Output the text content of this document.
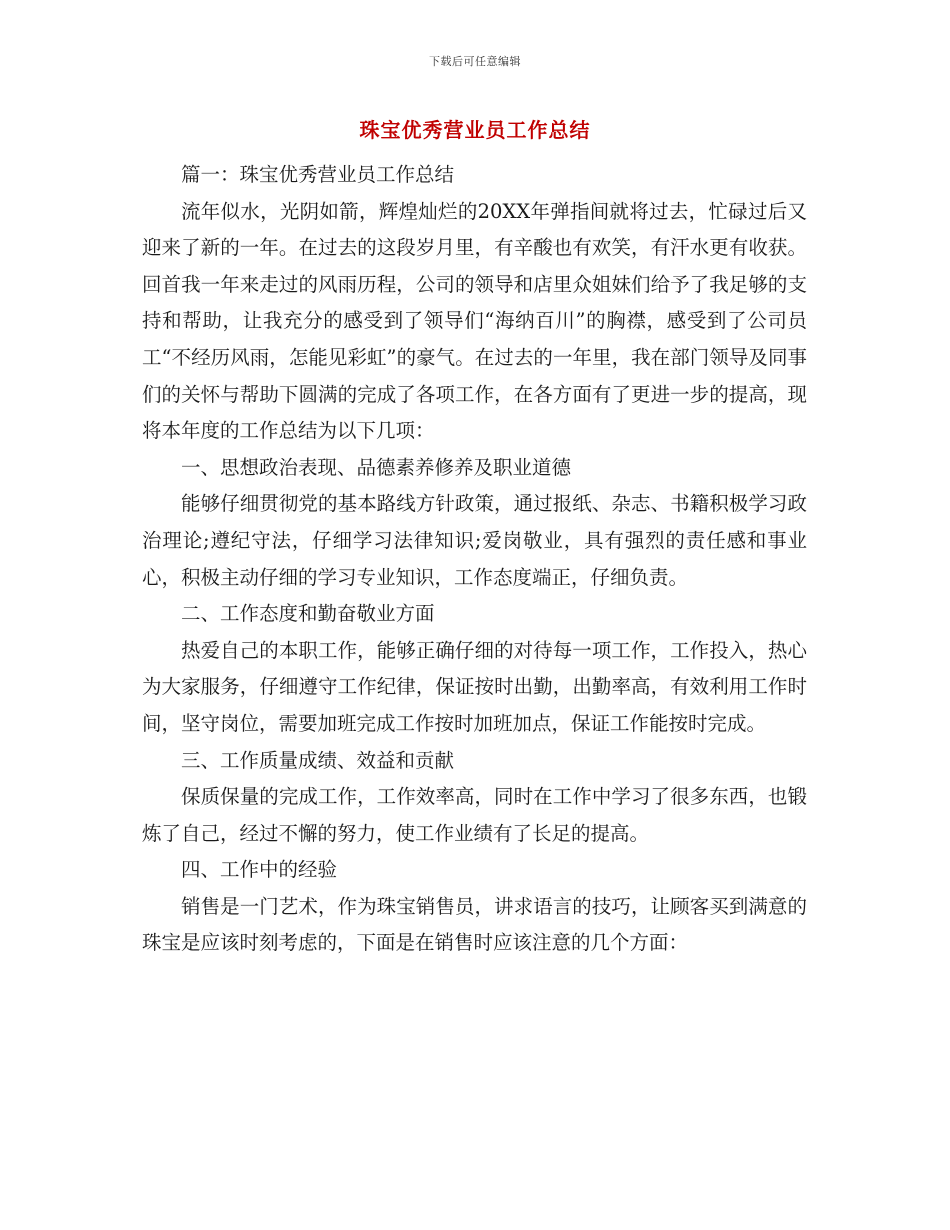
下载后可任意编辑
珠宝优秀营业员工作总结

篇一：珠宝优秀营业员工作总结

流年似水，光阴如箭，辉煌灿烂的20XX年弹指间就将过去，忙碌过后又迎来了新的一年。在过去的这段岁月里，有辛酸也有欢笑，有汗水更有收获。回首我一年来走过的风雨历程，公司的领导和店里众姐妹们给予了我足够的支持和帮助，让我充分的感受到了领导们“海纳百川”的胸襟，感受到了公司员工“不经历风雨，怎能见彩虹”的豪气。在过去的一年里，我在部门领导及同事们的关怀与帮助下圆满的完成了各项工作，在各方面有了更进一步的提高，现将本年度的工作总结为以下几项：

一、思想政治表现、品德素养修养及职业道德

能够仔细贯彻党的基本路线方针政策，通过报纸、杂志、书籍积极学习政治理论;遵纪守法，仔细学习法律知识;爱岗敬业，具有强烈的责任感和事业心，积极主动仔细的学习专业知识，工作态度端正，仔细负责。

二、工作态度和勤奋敬业方面

热爱自己的本职工作，能够正确仔细的对待每一项工作，工作投入，热心为大家服务，仔细遵守工作纪律，保证按时出勤，出勤率高，有效利用工作时间，坚守岗位，需要加班完成工作按时加班加点，保证工作能按时完成。

三、工作质量成绩、效益和贡献

保质保量的完成工作，工作效率高，同时在工作中学习了很多东西，也锻炼了自己，经过不懈的努力，使工作业绩有了长足的提高。

四、工作中的经验

销售是一门艺术，作为珠宝销售员，讲求语言的技巧，让顾客买到满意的珠宝是应该时刻考虑的，下面是在销售时应该注意的几个方面：
